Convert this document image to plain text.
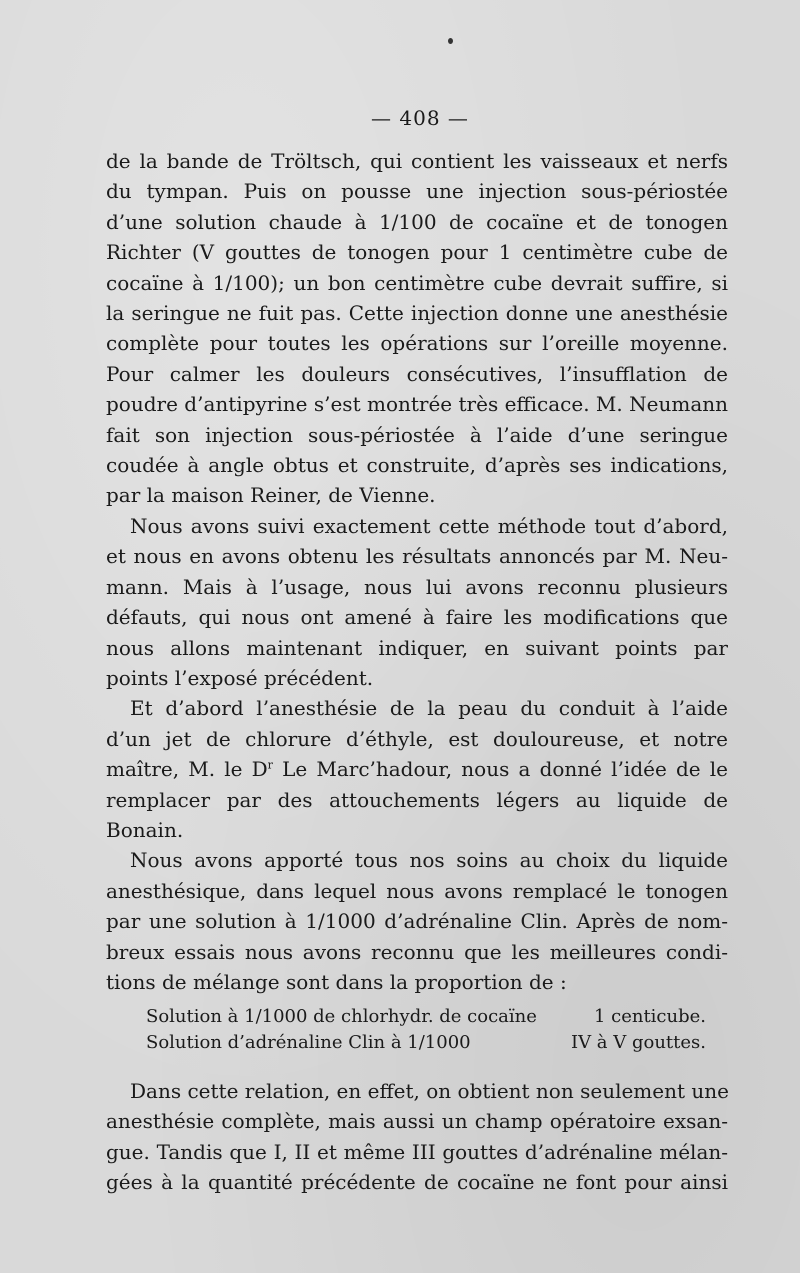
— 408 —

de la bande de Tröltsch, qui contient les vaisseaux et nerfs
du tympan. Puis on pousse une injection sous-périostée
d’une solution chaude à 1/100 de cocaïne et de tonogen
Richter (V gouttes de tonogen pour 1 centimètre cube de
cocaïne à 1/100); un bon centimètre cube devrait suffire, si
la seringue ne fuit pas. Cette injection donne une anesthésie
complète pour toutes les opérations sur l’oreille moyenne.
Pour calmer les douleurs consécutives, l’insufflation de
poudre d’antipyrine s’est montrée très efficace. M. Neumann
fait son injection sous-périostée à l’aide d’une seringue
coudée à angle obtus et construite, d’après ses indications,
par la maison Reiner, de Vienne.

Nous avons suivi exactement cette méthode tout d’abord,
et nous en avons obtenu les résultats annoncés par M. Neu-
mann. Mais à l’usage, nous lui avons reconnu plusieurs
défauts, qui nous ont amené à faire les modifications que
nous allons maintenant indiquer, en suivant points par
points l’exposé précédent.

Et d’abord l’anesthésie de la peau du conduit à l’aide
d’un jet de chlorure d’éthyle, est douloureuse, et notre
maître, M. le $D^r$ Le Marc’hadour, nous a donné l’idée de le
remplacer par des attouchements légers au liquide de
Bonain.

Nous avons apporté tous nos soins au choix du liquide
anesthésique, dans lequel nous avons remplacé le tonogen
par une solution à 1/1000 d’adrénaline Clin. Après de nom-
breux essais nous avons reconnu que les meilleures condi-
tions de mélange sont dans la proportion de :

Solution à 1/1000 de chlorhydr. de cocaïne	1 centicube.
Solution d’adrénaline Clin à 1/1000	IV à V gouttes.

Dans cette relation, en effet, on obtient non seulement une
anesthésie complète, mais aussi un champ opératoire exsan-
gue. Tandis que I, II et même III gouttes d’adrénaline mélan-
gées à la quantité précédente de cocaïne ne font pour ainsi
